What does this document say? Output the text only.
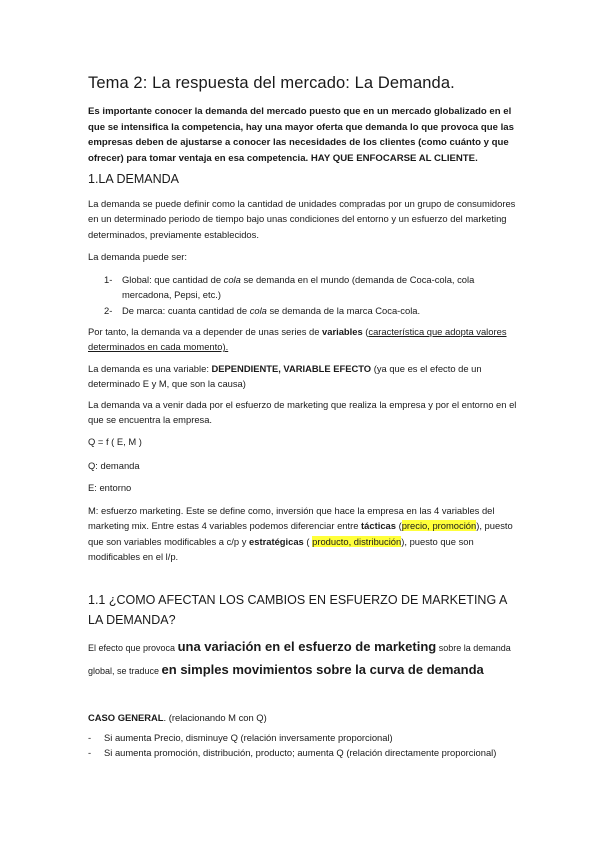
Tema 2: La respuesta del mercado: La Demanda.
Es importante conocer la demanda del mercado puesto que en un mercado globalizado en el que se intensifica la competencia, hay una mayor oferta que demanda lo que provoca que las empresas deben de ajustarse a conocer las necesidades de los clientes (como cuánto y que ofrecer) para tomar ventaja en esa competencia. HAY QUE ENFOCARSE AL CLIENTE.
1.LA DEMANDA
La demanda se puede definir como la cantidad de unidades compradas por un grupo de consumidores en un determinado periodo de tiempo bajo unas condiciones del entorno y un esfuerzo del marketing determinados, previamente establecidos.
La demanda puede ser:
1- Global: que cantidad de cola se demanda en el mundo (demanda de Coca-cola, cola mercadona, Pepsi, etc.)
2- De marca: cuanta cantidad de cola se demanda de la marca Coca-cola.
Por tanto, la demanda va a depender de unas series de variables (característica que adopta valores determinados en cada momento).
La demanda es una variable: DEPENDIENTE, VARIABLE EFECTO (ya que es el efecto de un determinado E y M, que son la causa)
La demanda va a venir dada por el esfuerzo de marketing que realiza la empresa y por el entorno en el que se encuentra la empresa.
Q = f ( E, M )
Q: demanda
E: entorno
M: esfuerzo marketing. Este se define como, inversión que hace la empresa en las 4 variables del marketing mix. Entre estas 4 variables podemos diferenciar entre tácticas (precio, promoción), puesto que son variables modificables a c/p y estratégicas ( producto, distribución), puesto que son modificables en el l/p.
1.1 ¿COMO AFECTAN LOS CAMBIOS EN ESFUERZO DE MARKETING A LA DEMANDA?
El efecto que provoca una variación en el esfuerzo de marketing sobre la demanda global, se traduce en simples movimientos sobre la curva de demanda
CASO GENERAL. (relacionando M con Q)
- Si aumenta Precio, disminuye Q (relación inversamente proporcional)
- Si aumenta promoción, distribución, producto; aumenta Q (relación directamente proporcional)
